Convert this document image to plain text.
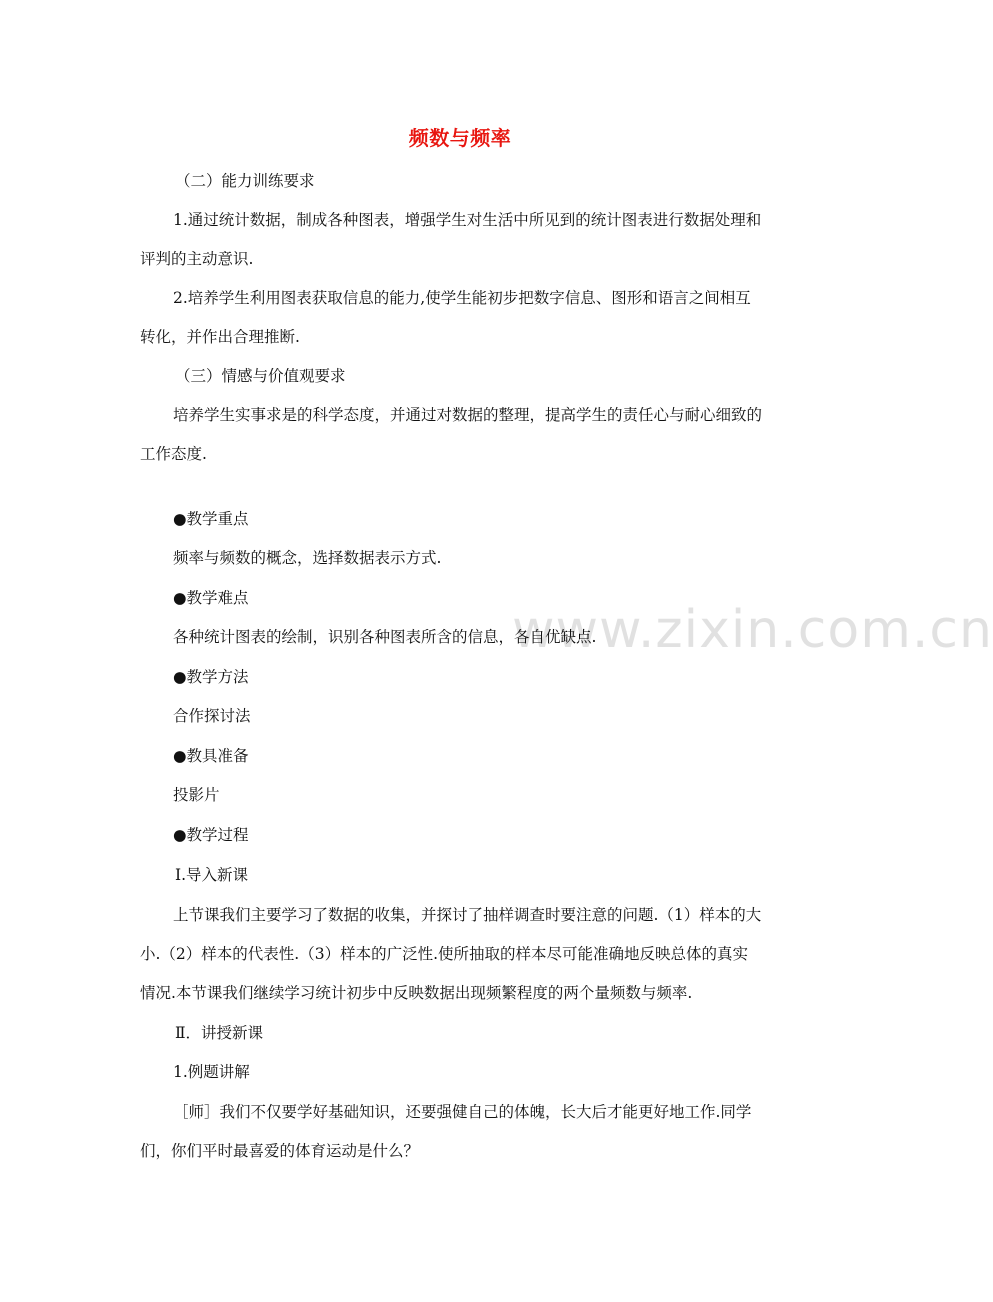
频数与频率
www.zixin.com.cn
（二）能力训练要求
1.通过统计数据，制成各种图表，增强学生对生活中所见到的统计图表进行数据处理和
评判的主动意识.
2.培养学生利用图表获取信息的能力,使学生能初步把数字信息、图形和语言之间相互
转化，并作出合理推断.
（三）情感与价值观要求
培养学生实事求是的科学态度，并通过对数据的整理，提高学生的责任心与耐心细致的
工作态度.
●教学重点
频率与频数的概念，选择数据表示方式.
●教学难点
各种统计图表的绘制，识别各种图表所含的信息，各自优缺点.
●教学方法
合作探讨法
●教具准备
投影片
●教学过程
Ⅰ.导入新课
上节课我们主要学习了数据的收集，并探讨了抽样调查时要注意的问题.（1）样本的大
小.（2）样本的代表性.（3）样本的广泛性.使所抽取的样本尽可能准确地反映总体的真实
情况.本节课我们继续学习统计初步中反映数据出现频繁程度的两个量频数与频率.
Ⅱ．讲授新课
1.例题讲解
［师］我们不仅要学好基础知识，还要强健自己的体魄，长大后才能更好地工作.同学
们，你们平时最喜爱的体育运动是什么？
